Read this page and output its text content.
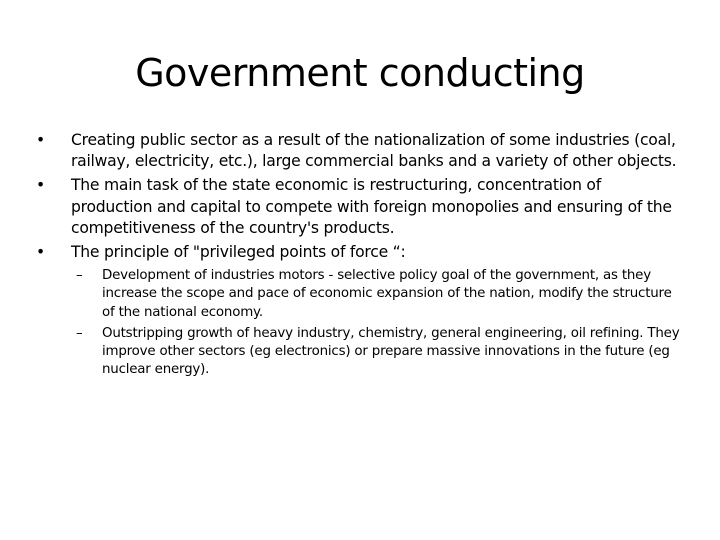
Government conducting
•	Creating public sector as a result of the nationalization of some industries (coal, railway, electricity, etc.), large commercial banks and a variety of other objects.
•	The main task of the state economic is restructuring, concentration of production and capital to compete with foreign monopolies and ensuring of the competitiveness of the country's products.
•	The principle of "privileged points of force “:
–	Development of industries motors - selective policy goal of the government, as they increase the scope and pace of economic expansion of the nation, modify the structure of the national economy.
–	Outstripping growth of heavy industry, chemistry, general engineering, oil refining. They improve other sectors (eg electronics) or prepare massive innovations in the future (eg nuclear energy).
